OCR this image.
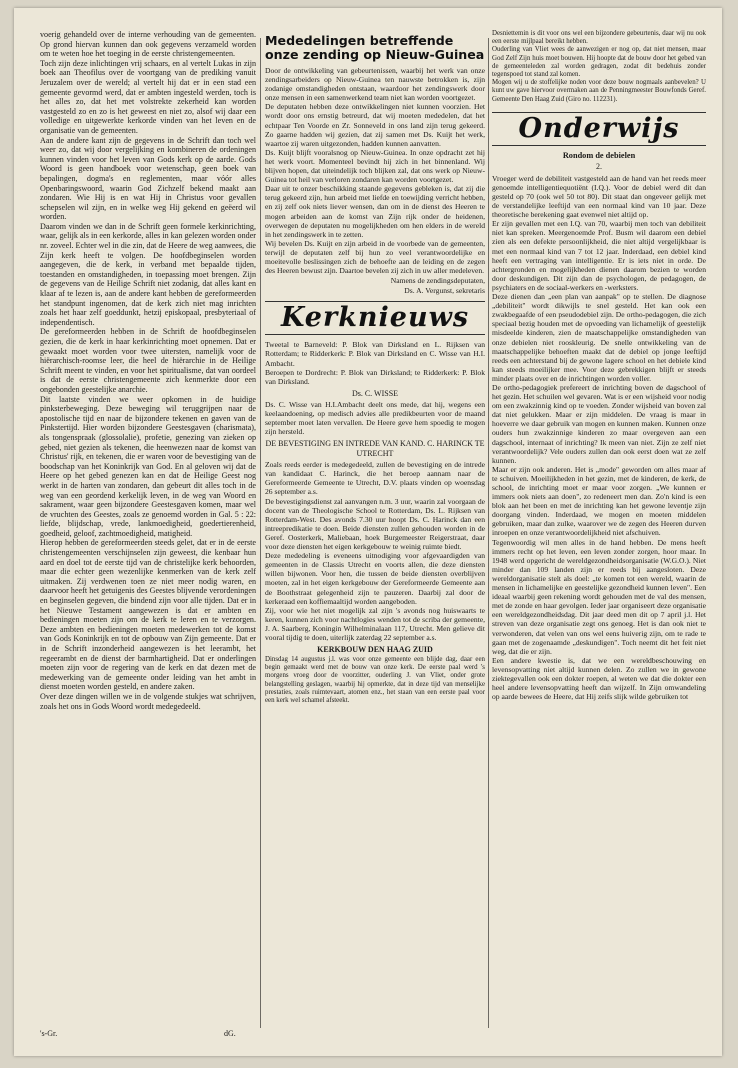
voerig gehandeld over de interne verhouding van de gemeenten. Op grond hiervan kunnen dan ook gegevens verzameld worden om te weten hoe het toeging in de eerste christengemeenten.

Toch zijn deze inlichtingen vrij schaars, en al vertelt Lukas in zijn boek aan Theofilus over de voortgang van de prediking vanuit Jeruzalem over de wereld; al vertelt hij dat er in een stad een gemeente gevormd werd, dat er ambten ingesteld werden, toch is het alles zo, dat het met volstrekte zekerheid kan worden vastgesteld zo en zo is het geweest en niet zo, alsof wij daar een volledige en uitgewerkte kerkorde vinden van het leven en de organisatie van de gemeenten.

Aan de andere kant zijn de gegevens in de Schrift dan toch wel weer zo, dat wij door vergelijking en kombineren de ordeningen kunnen vinden voor het leven van Gods kerk op de aarde. Gods Woord is geen handboek voor wetenschap, geen boek van bepalingen, dogma's en reglementen, maar vóór alles Openbaringswoord, waarin God Zichzelf bekend maakt aan zondaren. Wie Hij is en wat Hij in Christus voor gevallen schepselen wil zijn, en in welke weg Hij gekend en geëerd wil worden.

Daarom vinden we dan in de Schrift geen formele kerkinrichting, waar, gelijk als in een kerkorde, alles in kan gelezen worden onder nr. zoveel. Echter wel in die zin, dat de Heere de weg aanwees, die Zijn kerk heeft te volgen. De hoofdbeginselen worden aangegeven, die de kerk, in verband met bepaalde tijden, toestanden en omstandigheden, in toepassing moet brengen. Zijn de gegevens van de Heilige Schrift niet zodanig, dat alles kant en klaar af te lezen is, aan de andere kant hebben de gereformeerden het standpunt ingenomen, dat de kerk zich niet mag inrichten zoals het haar zelf goeddunkt, hetzij episkopaal, presbyteriaal of independentisch.

De gereformeerden hebben in de Schrift de hoofdbeginselen gezien, die de kerk in haar kerkinrichting moet opnemen. Dat er gewaakt moet worden voor twee uitersten, namelijk voor de hiërarchisch-roomse leer, die heel de hiërarchie in de Heilige Schrift meent te vinden, en voor het spiritualisme, dat van oordeel is dat de eerste christengemeente zich kenmerkte door een ongebonden geestelijke anarchie.

Dit laatste vinden we weer opkomen in de huidige pinksterbeweging. Deze beweging wil teruggrijpen naar de apostolische tijd en naar de bijzondere tekenen en gaven van de Pinkstertijd. Hier worden bijzondere Geestesgaven (charismata), als tongenspraak (glossolalie), profetie, genezing van zieken op gebed, niet gezien als tekenen, die heenwezen naar de komst van Christus' rijk, en tekenen, die er waren voor de bevestiging van de boodschap van het Koninkrijk van God. En al geloven wij dat de Heere op het gebed genezen kan en dat de Heilige Geest nog werkt in de harten van zondaren, dan gebeurt dit alles toch in de weg van een geordend kerkelijk leven, in de weg van Woord en sakrament, waar geen bijzondere Geestesgaven komen, maar wel de vruchten des Geestes, zoals ze genoemd worden in Gal. 5 : 22: liefde, blijdschap, vrede, lankmoedigheid, goedertierenheid, goedheid, geloof, zachtmoedigheid, matigheid.

Hierop hebben de gereformeerden steeds gelet, dat er in de eerste christengemeenten verschijnselen zijn geweest, die kenbaar hun aard en doel tot de eerste tijd van de christelijke kerk behoorden, maar die echter geen wezenlijke kenmerken van de kerk zelf uitmaken. Zij verdwenen toen ze niet meer nodig waren, en daarvoor heeft het getuigenis des Geestes blijvende verordeningen en beginselen gegeven, die bindend zijn voor alle tijden. Dat er in het Nieuwe Testament aangewezen is dat er ambten en bedieningen moeten zijn om de kerk te leren en te verzorgen. Deze ambten en bedieningen moeten medewerken tot de komst van Gods Koninkrijk en tot de opbouw van Zijn gemeente. Dat er in de Schrift inzonderheid aangewezen is het leerambt, het regeerambt en de dienst der barmhartigheid. Dat er onderlingen moeten zijn voor de regering van de kerk en dat dezen met de medewerking van de gemeente onder leiding van het ambt in dienst moeten worden gesteld, en andere zaken.

Over deze dingen willen we in de volgende stukjes wat schrijven, zoals het ons in Gods Woord wordt medegedeeld.

's-Gr.	dG.
Mededelingen betreffende onze zending op Nieuw-Guinea

Door de ontwikkeling van gebeurtenissen, waarbij het werk van onze zendingsarbeiders op Nieuw-Guinea ten nauwste betrokken is, zijn zodanige omstandigheden ontstaan, waardoor het zendingswerk door onze mensen in een samenwerkend team niet kan worden voortgezet.

De deputaten hebben deze ontwikkelingen niet kunnen voorzien. Het wordt door ons ernstig betreurd, dat wij moeten mededelen, dat het echtpaar Ten Voorde en Zr. Sonneveld in ons land zijn terug gekeerd. Zo gaarne hadden wij gezien, dat zij samen met Ds. Kuijt het werk, waartoe zij waren uitgezonden, hadden kunnen aanvatten.

Ds. Kuijt blijft vooralsnog op Nieuw-Guinea. In onze opdracht zet hij het werk voort. Momenteel bevindt hij zich in het binnenland. Wij blijven hopen, dat uiteindelijk toch blijken zal, dat ons werk op Nieuw-Guinea tot heil van verloren zondaren kan worden voortgezet.

Daar uit te onzer beschikking staande gegevens gebleken is, dat zij die terug gekeerd zijn, hun arbeid met liefde en toewijding verricht hebben, en zij zelf ook niets liever wensen, dan om in de dienst des Heeren te mogen arbeiden aan de komst van Zijn rijk onder de heidenen, overwegen de deputaten nu mogelijkheden om hen elders in de wereld in het zendingswerk in te zetten.

Wij bevelen Ds. Kuijt en zijn arbeid in de voorbede van de gemeenten, terwijl de deputaten zelf bij hun zo veel verantwoordelijke en moeitevolle beslissingen zich de behoefte aan de leiding en de zegen des Heeren bewust zijn. Daartoe bevelen zij zich in uw aller medeleven.

Namens de zendingsdeputaten,

Ds. A. Vergunst, sekretaris

Kerknieuws

Tweetal te Barneveld: P. Blok van Dirksland en L. Rijksen van Rotterdam; te Ridderkerk: P. Blok van Dirksland en C. Wisse van H.I. Ambacht.

Beroepen te Dordrecht: P. Blok van Dirksland; te Ridderkerk: P. Blok van Dirksland.

Ds. C. WISSE

Ds. C. Wisse van H.I.Ambacht deelt ons mede, dat hij, wegens een keelaandoening, op medisch advies alle predikbeurten voor de maand september moet laten vervallen. De Heere geve hem spoedig te mogen zijn hersteld.

DE BEVESTIGING EN INTREDE VAN KAND. C. HARINCK TE UTRECHT

Zoals reeds eerder is medegedeeld, zullen de bevestiging en de intrede van kandidaat C. Harinck, die het beroep aannam naar de Gereformeerde Gemeente te Utrecht, D.V. plaats vinden op woensdag 26 september a.s.

De bevestigingsdienst zal aanvangen n.m. 3 uur, waarin zal voorgaan de docent van de Theologische School te Rotterdam, Ds. L. Rijksen van Rotterdam-West. Des avonds 7.30 uur hoopt Ds. C. Harinck dan een intreepredikatie te doen. Beide diensten zullen gehouden worden in de Geref. Oosterkerk, Maliebaan, hoek Burgemeester Reigerstraat, daar voor deze diensten het eigen kerkgebouw te weinig ruimte biedt.

Deze mededeling is eveneens uitnodiging voor afgevaardigden van gemeenten in de Classis Utrecht en voorts allen, die deze diensten willen bijwonen. Voor hen, die tussen de beide diensten overblijven moeten, zal in het eigen kerkgebouw der Gereformeerde Gemeente aan de Boothstraat gelegenheid zijn te pauzeren. Daarbij zal door de kerkeraad een koffiemaaltijd worden aangeboden.

Zij, voor wie het niet mogelijk zal zijn 's avonds nog huiswaarts te keren, kunnen zich voor nachtlogies wenden tot de scriba der gemeente, J. A. Saarberg, Koningin Wilhelminalaan 117, Utrecht. Men gelieve dit vooral tijdig te doen, uiterlijk zaterdag 22 september a.s.

KERKBOUW DEN HAAG ZUID

Dinsdag 14 augustus j.l. was voor onze gemeente een blijde dag, daar een begin gemaakt werd met de bouw van onze kerk. De eerste paal werd 's morgens vroeg door de voorzitter, ouderling J. van Vliet, onder grote belangstelling geslagen, waarbij hij opmerkte, dat in deze tijd van menselijke prestaties, zoals ruimtevaart, atomen enz., het staan van een eerste paal voor een kerk wel schamel afsteekt.

Desniettemin is dit voor ons wel een bijzondere gebeurtenis, daar wij nu ook een eerste mijlpaal bereikt hebben.

Ouderling van Vliet wees de aanwezigen er nog op, dat niet mensen, maar God Zelf Zijn huis moet bouwen. Hij hoopte dat de bouw door het gebed van de gemeenteleden zal worden gedragen, zodat dit bedehuis zonder tegenspoed tot stand zal komen.

Mogen wij u de stoffelijke noden voor deze bouw nogmaals aanbevelen? U kunt uw gave hiervoor overmaken aan de Penningmeester Bouwfonds Geref. Gemeente Den Haag Zuid (Giro no. 112231).

Onderwijs
Rondom de debielen
2.

Vroeger werd de debiliteit vastgesteld aan de hand van het reeds meer genoemde intelligentiequotiënt (I.Q.). Voor de debiel werd dit dan gesteld op 70 (ook wel 50 tot 80). Dit staat dan ongeveer gelijk met de verstandelijke leeftijd van een normaal kind van 10 jaar. Deze theoretische berekening gaat evenwel niet altijd op.

Er zijn gevallen met een I.Q. van 70, waarbij men toch van debiliteit niet kan spreken. Meergenoemde Prof. Busm wil daarom een debiel zien als een defekte persoonlijkheid, die niet altijd vergelijkbaar is met een normaal kind van 7 tot 12 jaar. Inderdaad, een debiel kind heeft een vertraging van intelligentie. Er is iets niet in orde. De achtergronden en mogelijkheden dienen daarom bezien te worden door deskundigen. Dit zijn dan de psychologen, de pedagogen, de psychiaters en de sociaal-werkers en -werksters.

Deze dienen dan „een plan van aanpak" op te stellen. De diagnose „debiliteit" wordt dikwijls te snel gesteld. Het kan ook een zwakbegaafde of een pseudodebiel zijn. De ortho-pedagogen, die zich speciaal bezig houden met de opvoeding van lichamelijk of geestelijk misdeelde kinderen, zien de maatschappelijke omstandigheden van onze debielen niet rooskleurig. De snelle ontwikkeling van de maatschappelijke behoeften maakt dat de debiel op jonge leeftijd reeds een achterstand bij de gewone lagere school en het debiele kind kan steeds moeilijker mee. Voor deze gebrekkigen blijft er steeds minder plaats over en de inrichtingen worden voller.

De ortho-pedagogiek prefereert de inrichting boven de dagschool of het gezin. Het schuilen wel gevaren. Wat is er een wijsheid voor nodig om een zwakzinnig kind op te voeden. Zonder wijsheid van boven zal dat niet gelukken. Maar er zijn middelen. De vraag is maar in hoeverre we daar gebruik van mogen en kunnen maken. Kunnen onze ouders hun zwakzinnige kinderen zo maar overgeven aan een dagschool, internaat of inrichting? Ik meen van niet. Zijn ze zelf niet verantwoordelijk? Vele ouders zullen dan ook eerst doen wat ze zelf kunnen.

Maar er zijn ook anderen. Het is „mode" geworden om alles maar af te schuiven. Moeilijkheden in het gezin, met de kinderen, de kerk, de school, de inrichting moet er maar voor zorgen. „We kunnen er immers ook niets aan doen", zo redeneert men dan. Zo'n kind is een blok aan het been en met de inrichting kan het gewone leventje zijn doorgang vinden. Inderdaad, we mogen en moeten middelen gebruiken, maar dan zulke, waarover we de zegen des Heeren durven inroepen en onze verantwoordelijkheid niet afschuiven.

Tegenwoordig wil men alles in de hand hebben. De mens heeft immers recht op het leven, een leven zonder zorgen, hoor maar. In 1948 werd opgericht de wereldgezondheidsorganisatie (W.G.O.). Niet minder dan 109 landen zijn er reeds bij aangesloten. Deze wereldorganisatie stelt als doel: „te komen tot een wereld, waarin de mensen in lichamelijke en geestelijke gezondheid kunnen leven". Een ideaal waarbij geen rekening wordt gehouden met de val des mensen, met de zonde en haar gevolgen. Ieder jaar organiseert deze organisatie een wereldgezondheidsdag. Dit jaar deed men dit op 7 april j.l. Het streven van deze organisatie zegt ons genoeg. Het is dan ook niet te verwonderen, dat velen van ons wel eens huiverig zijn, om te rade te gaan met de zogenaamde „deskundigen". Toch neemt dit het feit niet weg, dat die er zijn.

Een andere kwestie is, dat we een wereldbeschouwing en levensopvatting niet altijd kunnen delen. Zo zullen we in gewone ziektegevallen ook een dokter roepen, al weten we dat die dokter een heel andere levensopvatting heeft dan wijzelf. In Zijn omwandeling op aarde bewees de Heere, dat Hij zeifs slijk wilde gebruiken tot
